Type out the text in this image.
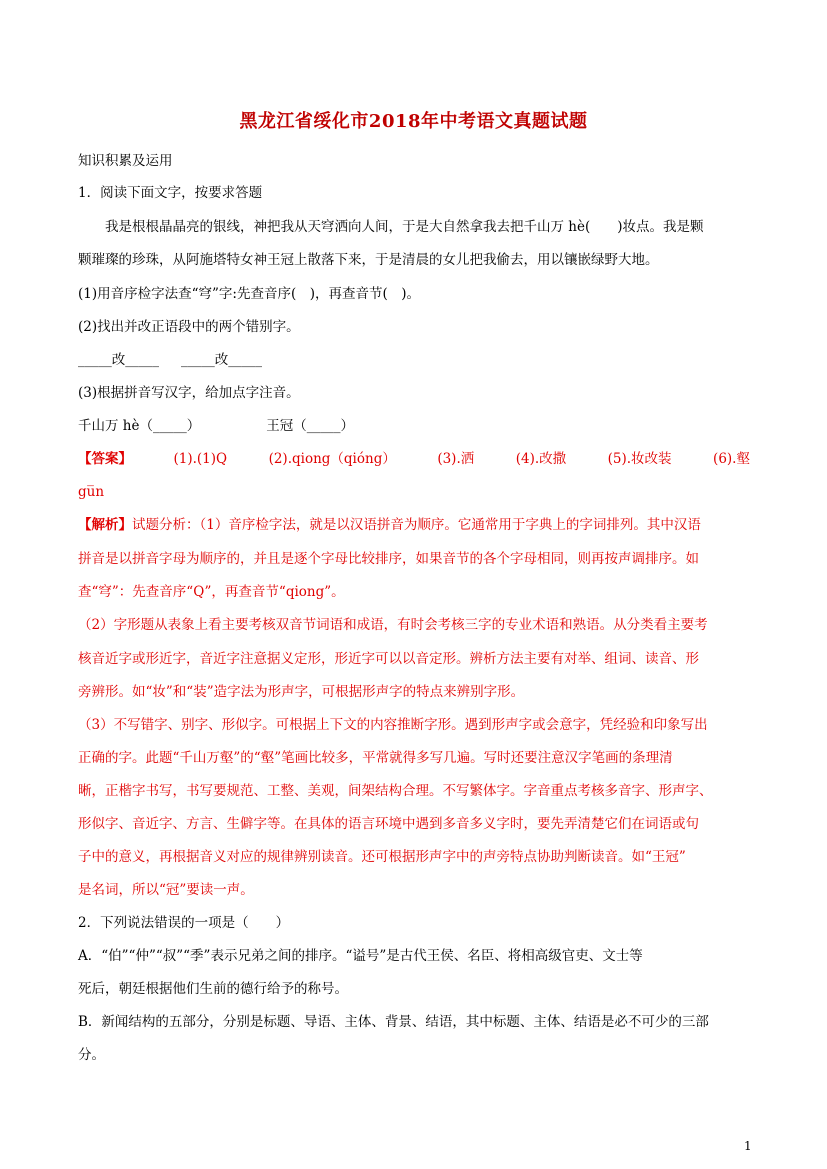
黑龙江省绥化市2018年中考语文真题试题
知识积累及运用
1．阅读下面文字，按要求答题
我是根根晶晶亮的银线，神把我从天穹洒向人间，于是大自然拿我去把千山万 hè(　　)妆点。我是颗
颗璀璨的珍珠，从阿施塔特女神王冠上散落下来，于是清晨的女儿把我偷去，用以镶嵌绿野大地。
(1)用音序检字法查“穹”字:先查音序(　)，再查音节(　)。
(2)找出并改正语段中的两个错别字。
_____改_____ _____改_____
(3)根据拼音写汉字，给加点字注音。
千山万 hè（_____）	王冠（_____）
【答案】	(1).(1)Q	(2).qiong（qióng）	(3).洒	(4).改撒	(5).妆改装	(6).壑
gu̅n
【解析】试题分析：（1）音序检字法，就是以汉语拼音为顺序。它通常用于字典上的字词排列。其中汉语
拼音是以拼音字母为顺序的，并且是逐个字母比较排序，如果音节的各个字母相同，则再按声调排序。如
查“穹”：先查音序“Q”，再查音节“qiong”。
（2）字形题从表象上看主要考核双音节词语和成语，有时会考核三字的专业术语和熟语。从分类看主要考
核音近字或形近字，音近字注意据义定形，形近字可以以音定形。辨析方法主要有对举、组词、读音、形
旁辨形。如“妆”和“装”造字法为形声字，可根据形声字的特点来辨别字形。
（3）不写错字、别字、形似字。可根据上下文的内容推断字形。遇到形声字或会意字，凭经验和印象写出
正确的字。此题“千山万壑”的“壑”笔画比较多，平常就得多写几遍。写时还要注意汉字笔画的条理清
晰，正楷字书写，书写要规范、工整、美观，间架结构合理。不写繁体字。字音重点考核多音字、形声字、
形似字、音近字、方言、生僻字等。在具体的语言环境中遇到多音多义字时，要先弄清楚它们在词语或句
子中的意义，再根据音义对应的规律辨别读音。还可根据形声字中的声旁特点协助判断读音。如“王冠”
是名词，所以“冠”要读一声。
2．下列说法错误的一项是（　　）
A．“伯”“仲”“叔”“季”表示兄弟之间的排序。“谥号”是古代王侯、名臣、将相高级官吏、文士等
死后，朝廷根据他们生前的德行给予的称号。
B．新闻结构的五部分，分别是标题、导语、主体、背景、结语，其中标题、主体、结语是必不可少的三部
分。
1
